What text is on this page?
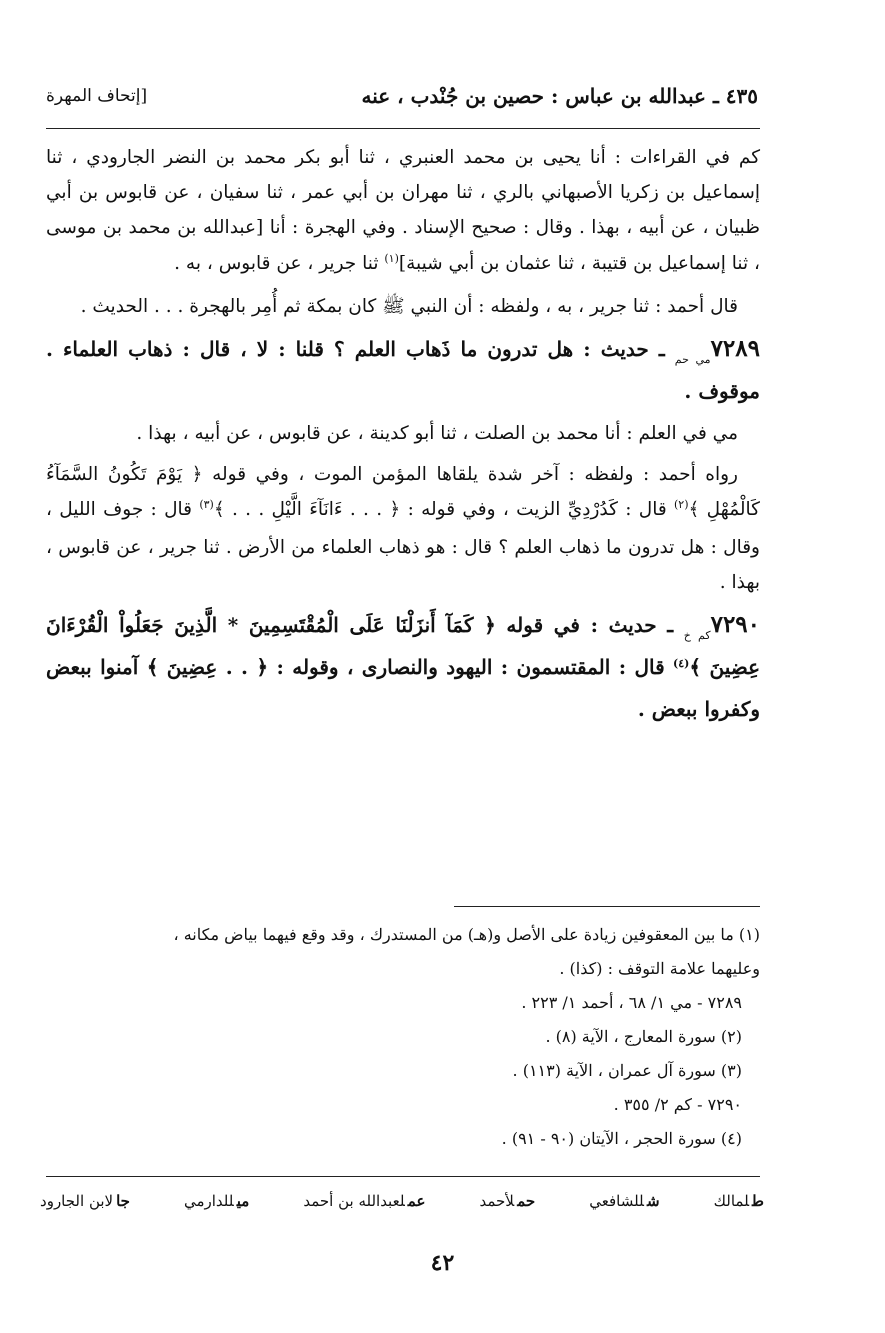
٤٣٥ ـ عبدالله بن عباس : حصين بن جُنْدب ، عنه
[إتحاف المهرة

كم في القراءات : أنا يحيى بن محمد العنبري ، ثنا أبو بكر محمد بن النضر الجارودي ، ثنا إسماعيل بن زكريا الأصبهاني بالري ، ثنا مهران بن أبي عمر ، ثنا سفيان ، عن قابوس بن أبي ظبيان ، عن أبيه ، بهذا . وقال : صحيح الإسناد . وفي الهجرة : أنا [عبدالله بن محمد بن موسى ، ثنا إسماعيل بن قتيبة ، ثنا عثمان بن أبي شيبة]$^{(١)}$ ثنا جرير ، عن قابوس ، به .

قال أحمد : ثنا جرير ، به ، ولفظه : أن النبي ﷺ كان بمكة ثم أُمِر بالهجرة . . . الحديث .

$٧٢٨٩_{مي حم}$ ـ حديث : هل تدرون ما ذَهاب العلم ؟ قلنا : لا ، قال : ذهاب العلماء . موقوف .

مي في العلم : أنا محمد بن الصلت ، ثنا أبو كدينة ، عن قابوس ، عن أبيه ، بهذا .

رواه أحمد : ولفظه : آخر شدة يلقاها المؤمن الموت ، وفي قوله ﴿ يَوْمَ تَكُونُ السَّمَآءُ كَالْمُهْلِ ﴾$^{(٢)}$ قال : كَدُرْدِيِّ الزيت ، وفي قوله : ﴿ . . . ءَانَآءَ الَّيْلِ . . . ﴾$^{(٣)}$ قال : جوف الليل ، وقال : هل تدرون ما ذهاب العلم ؟ قال : هو ذهاب العلماء من الأرض . ثنا جرير ، عن قابوس ، بهذا .

$٧٢٩٠_{كم خ}$ ـ حديث : في قوله ﴿ كَمَآ أَنزَلْنَا عَلَى الْمُقْتَسِمِينَ * الَّذِينَ جَعَلُواْ الْقُرْءَانَ عِضِينَ ﴾$^{(٤)}$ قال : المقتسمون : اليهود والنصارى ، وقوله : ﴿ . . عِضِينَ ﴾ آمنوا ببعض وكفروا ببعض .

(١) ما بين المعقوفين زيادة على الأصل و(هـ) من المستدرك ، وقد وقع فيهما بياض مكانه ،
وعليهما علامة التوقف : (كذا) .
٧٢٨٩ - مي ١/ ٦٨ ، أحمد ١/ ٢٢٣ .
(٢) سورة المعارج ، الآية (٨) .
(٣) سورة آل عمران ، الآية (١١٣) .
٧٢٩٠ - كم ٢/ ٣٥٥ .
(٤) سورة الحجر ، الآيتان (٩٠ - ٩١) .
طلمالك
شللشافعي
حملأحمد
عملعبدالله بن أحمد
ميللدارمي
جالابن الجارود
٤٢
